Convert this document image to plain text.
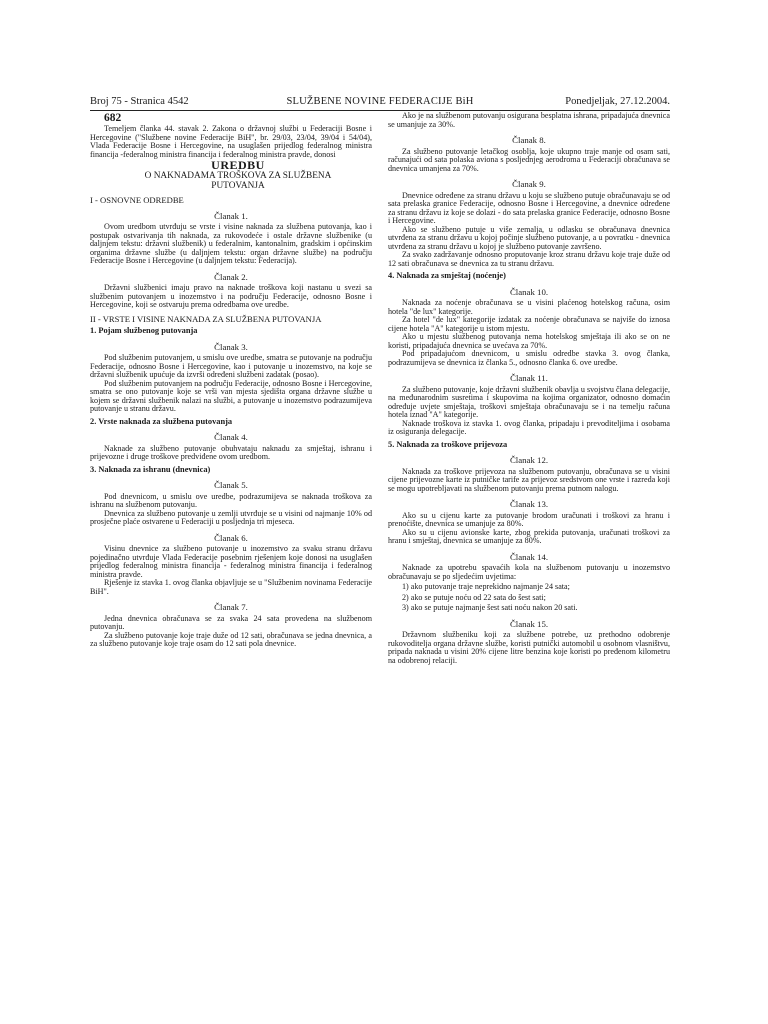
Broj 75 - Stranica 4542	SLUŽBENE NOVINE FEDERACIJE BiH	Ponedjeljak, 27.12.2004.

682

Temeljem članka 44. stavak 2. Zakona o državnoj službi u Federaciji Bosne i Hercegovine ("Službene novine Federacije BiH", br. 29/03, 23/04, 39/04 i 54/04), Vlada Federacije Bosne i Hercegovine, na usuglašen prijedlog federalnog ministra financija -federalnog ministra financija i federalnog ministra pravde, donosi

UREDBU

O NAKNADAMA TROŠKOVA ZA SLUŽBENA

PUTOVANJA

I - OSNOVNE ODREDBE

Članak 1.

Ovom uredbom utvrđuju se vrste i visine naknada za službena putovanja, kao i postupak ostvarivanja tih naknada, za rukovodeće i ostale državne službenike (u daljnjem tekstu: državni službenik) u federalnim, kantonalnim, gradskim i općinskim organima državne službe (u daljnjem tekstu: organ državne službe) na području Federacije Bosne i Hercegovine (u daljnjem tekstu: Federacija).

Članak 2.

Državni službenici imaju pravo na naknade troškova koji nastanu u svezi sa službenim putovanjem u inozemstvo i na području Federacije, odnosno Bosne i Hercegovine, koji se ostvaruju prema odredbama ove uredbe.

II - VRSTE I VISINE NAKNADA ZA SLUŽBENA PUTOVANJA

1. Pojam službenog putovanja

Članak 3.

Pod službenim putovanjem, u smislu ove uredbe, smatra se putovanje na području Federacije, odnosno Bosne i Hercegovine, kao i putovanje u inozemstvo, na koje se državni službenik upućuje da izvrši određeni službeni zadatak (posao).

Pod službenim putovanjem na području Federacije, odnosno Bosne i Hercegovine, smatra se ono putovanje koje se vrši van mjesta sjedišta organa državne službe u kojem se državni službenik nalazi na službi, a putovanje u inozemstvo podrazumijeva putovanje u stranu državu.

2. Vrste naknada za službena putovanja

Članak 4.

Naknade za službeno putovanje obuhvataju naknadu za smještaj, ishranu i prijevozne i druge troškove predviđene ovom uredbom.

3. Naknada za ishranu (dnevnica)

Članak 5.

Pod dnevnicom, u smislu ove uredbe, podrazumijeva se naknada troškova za ishranu na službenom putovanju.

Dnevnica za službeno putovanje u zemlji utvrđuje se u visini od najmanje 10% od prosječne plaće ostvarene u Federaciji u posljednja tri mjeseca.

Članak 6.

Visinu dnevnice za službeno putovanje u inozemstvo za svaku stranu državu pojedinačno utvrđuje Vlada Federacije posebnim rješenjem koje donosi na usuglašen prijedlog federalnog ministra financija - federalnog ministra financija i federalnog ministra pravde.

Rješenje iz stavka 1. ovog članka objavljuje se u "Službenim novinama Federacije BiH".

Članak 7.

Jedna dnevnica obračunava se za svaka 24 sata provedena na službenom putovanju.

Za službeno putovanje koje traje duže od 12 sati, obračunava se jedna dnevnica, a za službeno putovanje koje traje osam do 12 sati pola dnevnice.

Ako je na službenom putovanju osigurana besplatna ishrana, pripadajuća dnevnica se umanjuje za 30%.

Članak 8.

Za službeno putovanje letačkog osoblja, koje ukupno traje manje od osam sati, računajući od sata polaska aviona s posljednjeg aerodroma u Federaciji obračunava se dnevnica umanjena za 70%.

Članak 9.

Dnevnice određene za stranu državu u koju se službeno putuje obračunavaju se od sata prelaska granice Federacije, odnosno Bosne i Hercegovine, a dnevnice određene za stranu državu iz koje se dolazi - do sata prelaska granice Federacije, odnosno Bosne i Hercegovine.

Ako se službeno putuje u više zemalja, u odlasku se obračunava dnevnica utvrđena za stranu državu u kojoj počinje službeno putovanje, a u povratku - dnevnica utvrđena za stranu državu u kojoj je službeno putovanje završeno.

Za svako zadržavanje odnosno proputovanje kroz stranu državu koje traje duže od 12 sati obračunava se dnevnica za tu stranu državu.

4. Naknada za smještaj (noćenje)

Članak 10.

Naknada za noćenje obračunava se u visini plaćenog hotelskog računa, osim hotela "de lux" kategorije.

Za hotel "de lux" kategorije izdatak za noćenje obračunava se najviše do iznosa cijene hotela "A" kategorije u istom mjestu.

Ako u mjestu službenog putovanja nema hotelskog smještaja ili ako se on ne koristi, pripadajuća dnevnica se uvećava za 70%.

Pod pripadajućom dnevnicom, u smislu odredbe stavka 3. ovog članka, podrazumijeva se dnevnica iz članka 5., odnosno članka 6. ove uredbe.

Članak 11.

Za službeno putovanje, koje državni službenik obavlja u svojstvu člana delegacije, na međunarodnim susretima i skupovima na kojima organizator, odnosno domaćin određuje uvjete smještaja, troškovi smještaja obračunavaju se i na temelju računa hotela iznad "A" kategorije.

Naknade troškova iz stavka 1. ovog članka, pripadaju i prevoditeljima i osobama iz osiguranja delegacije.

5. Naknada za troškove prijevoza

Članak 12.

Naknada za troškove prijevoza na službenom putovanju, obračunava se u visini cijene prijevozne karte iz putničke tarife za prijevoz sredstvom one vrste i razreda koji se mogu upotrebljavati na službenom putovanju prema putnom nalogu.

Članak 13.

Ako su u cijenu karte za putovanje brodom uračunati i troškovi za hranu i prenoćište, dnevnica se umanjuje za 80%.

Ako su u cijenu avionske karte, zbog prekida putovanja, uračunati troškovi za hranu i smještaj, dnevnica se umanjuje za 80%.

Članak 14.

Naknade za upotrebu spavaćih kola na službenom putovanju u inozemstvo obračunavaju se po sljedećim uvjetima:

1) ako putovanje traje neprekidno najmanje 24 sata;

2) ako se putuje noću od 22 sata do šest sati;

3) ako se putuje najmanje šest sati noću nakon 20 sati.

Članak 15.

Državnom službeniku koji za službene potrebe, uz prethodno odobrenje rukovoditelja organa državne službe, koristi putnički automobil u osobnom vlasništvu, pripada naknada u visini 20% cijene litre benzina koje koristi po pređenom kilometru na odobrenoj relaciji.
